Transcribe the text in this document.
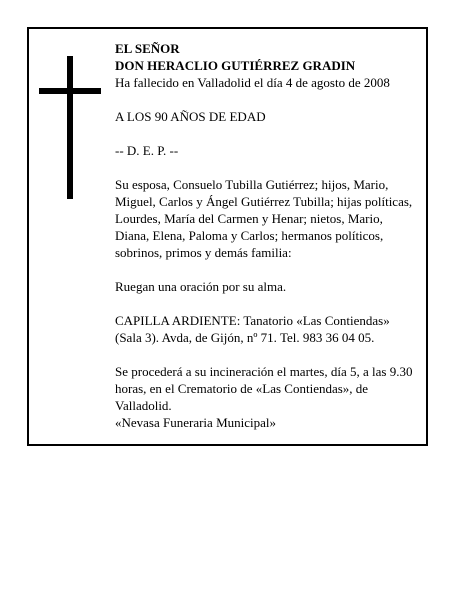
EL SEÑOR

DON HERACLIO GUTIÉRREZ GRADIN

Ha fallecido en Valladolid el día 4 de agosto de 2008

A LOS 90 AÑOS DE EDAD

-- D. E. P. --

Su esposa, Consuelo Tubilla Gutiérrez; hijos, Mario, Miguel, Carlos y Ángel Gutiérrez Tubilla; hijas políticas, Lourdes, María del Carmen y Henar; nietos, Mario, Diana, Elena, Paloma y Carlos; hermanos políticos, sobrinos, primos y demás familia:

Ruegan una oración por su alma.

CAPILLA ARDIENTE: Tanatorio «Las Contiendas» (Sala 3). Avda, de Gijón, nº 71. Tel. 983 36 04 05.

Se procederá a su incineración el martes, día 5, a las 9.30 horas, en el Crematorio de «Las Contiendas», de Valladolid.

«Nevasa Funeraria Municipal»
